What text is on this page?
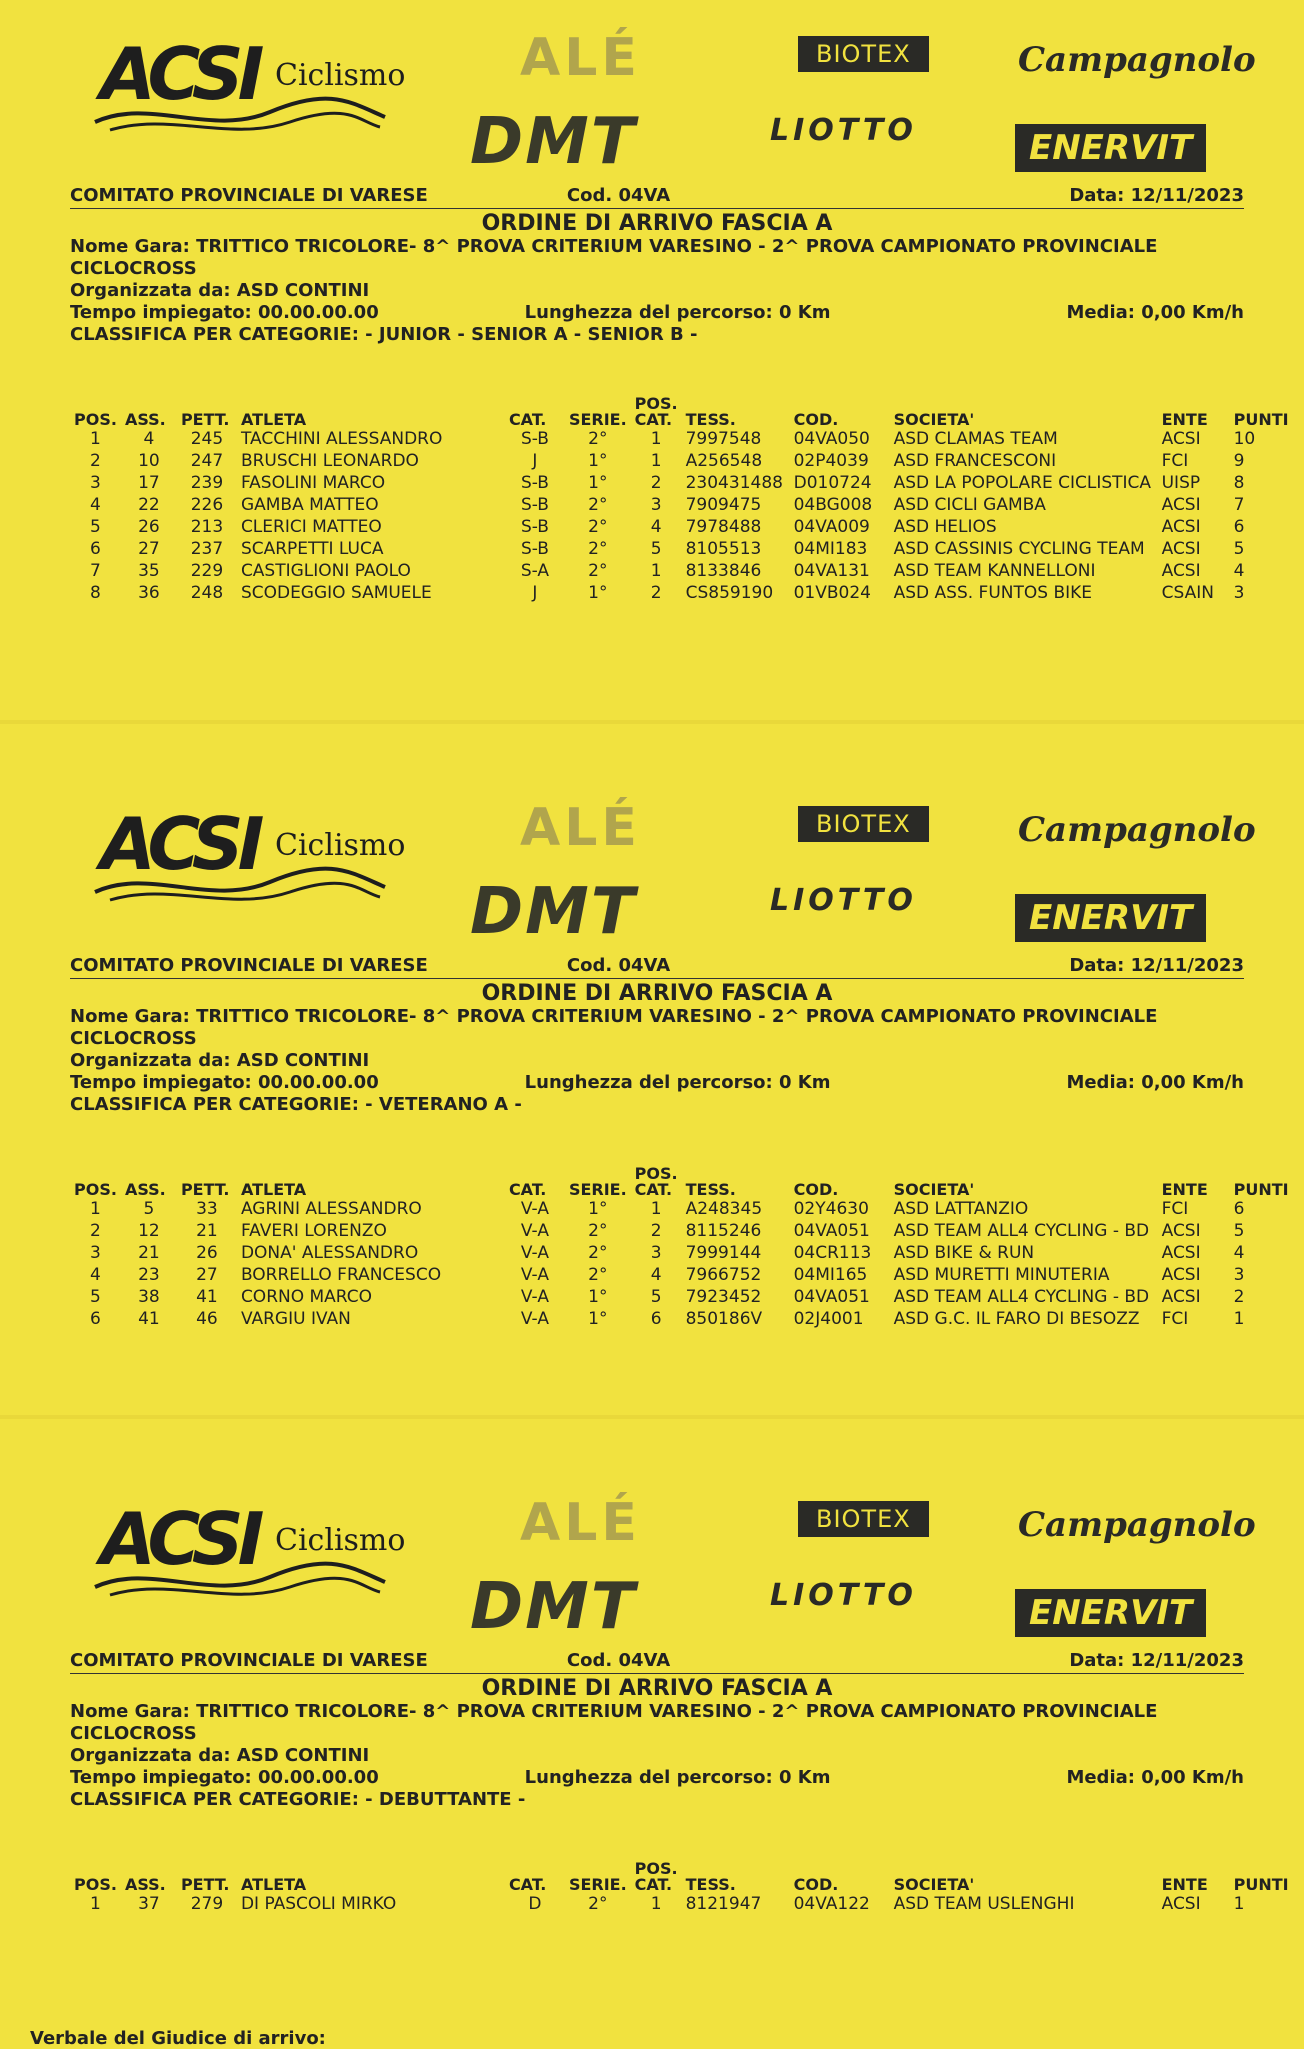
ACSI Ciclismo ALÉ
DMT
BIOTEX	Campagnolo
LIOTTO	ENERVIT
COMITATO PROVINCIALE DI VARESE	Cod. 04VA	Data: 12/11/2023
ORDINE DI ARRIVO FASCIA A
Nome Gara: TRITTICO TRICOLORE- 8^ PROVA CRITERIUM VARESINO - 2^ PROVA CAMPIONATO PROVINCIALE
CICLOCROSS
Organizzata da: ASD CONTINI
Tempo impiegato: 00.00.00.00	Lunghezza del percorso: 0 Km	Media: 0,00 Km/h
CLASSIFICA PER CATEGORIE: - JUNIOR - SENIOR A - SENIOR B -
POS.	ASS.	PETT.	ATLETA	CAT.	SERIE.	POS. CAT.	TESS.	COD.	SOCIETA'	ENTE	PUNTI
1	4	245	TACCHINI ALESSANDRO	S-B	2°	1	7997548	04VA050	ASD CLAMAS TEAM	ACSI	10
2	10	247	BRUSCHI LEONARDO	J	1°	1	A256548	02P4039	ASD FRANCESCONI	FCI	9
3	17	239	FASOLINI MARCO	S-B	1°	2	230431488	D010724	ASD LA POPOLARE CICLISTICA	UISP	8
4	22	226	GAMBA MATTEO	S-B	2°	3	7909475	04BG008	ASD CICLI GAMBA	ACSI	7
5	26	213	CLERICI MATTEO	S-B	2°	4	7978488	04VA009	ASD HELIOS	ACSI	6
6	27	237	SCARPETTI LUCA	S-B	2°	5	8105513	04MI183	ASD CASSINIS CYCLING TEAM	ACSI	5
7	35	229	CASTIGLIONI PAOLO	S-A	2°	1	8133846	04VA131	ASD TEAM KANNELLONI	ACSI	4
8	36	248	SCODEGGIO SAMUELE	J	1°	2	CS859190	01VB024	ASD ASS. FUNTOS BIKE	CSAIN	3
ACSI Ciclismo ALÉ
DMT
BIOTEX	Campagnolo
LIOTTO	ENERVIT
COMITATO PROVINCIALE DI VARESE	Cod. 04VA	Data: 12/11/2023
ORDINE DI ARRIVO FASCIA A
Nome Gara: TRITTICO TRICOLORE- 8^ PROVA CRITERIUM VARESINO - 2^ PROVA CAMPIONATO PROVINCIALE
CICLOCROSS
Organizzata da: ASD CONTINI
Tempo impiegato: 00.00.00.00	Lunghezza del percorso: 0 Km	Media: 0,00 Km/h
CLASSIFICA PER CATEGORIE: - VETERANO A -
POS.	ASS.	PETT.	ATLETA	CAT.	SERIE.	POS. CAT.	TESS.	COD.	SOCIETA'	ENTE	PUNTI
1	5	33	AGRINI ALESSANDRO	V-A	1°	1	A248345	02Y4630	ASD LATTANZIO	FCI	6
2	12	21	FAVERI LORENZO	V-A	2°	2	8115246	04VA051	ASD TEAM ALL4 CYCLING - BD	ACSI	5
3	21	26	DONA' ALESSANDRO	V-A	2°	3	7999144	04CR113	ASD BIKE & RUN	ACSI	4
4	23	27	BORRELLO FRANCESCO	V-A	2°	4	7966752	04MI165	ASD MURETTI MINUTERIA	ACSI	3
5	38	41	CORNO MARCO	V-A	1°	5	7923452	04VA051	ASD TEAM ALL4 CYCLING - BD	ACSI	2
6	41	46	VARGIU IVAN	V-A	1°	6	850186V	02J4001	ASD G.C. IL FARO DI BESOZZ	FCI	1
ACSI Ciclismo ALÉ
DMT
BIOTEX	Campagnolo
LIOTTO	ENERVIT
COMITATO PROVINCIALE DI VARESE	Cod. 04VA	Data: 12/11/2023
ORDINE DI ARRIVO FASCIA A
Nome Gara: TRITTICO TRICOLORE- 8^ PROVA CRITERIUM VARESINO - 2^ PROVA CAMPIONATO PROVINCIALE
CICLOCROSS
Organizzata da: ASD CONTINI
Tempo impiegato: 00.00.00.00	Lunghezza del percorso: 0 Km	Media: 0,00 Km/h
CLASSIFICA PER CATEGORIE: - DEBUTTANTE -
POS.	ASS.	PETT.	ATLETA	CAT.	SERIE.	POS. CAT.	TESS.	COD.	SOCIETA'	ENTE	PUNTI
1	37	279	DI PASCOLI MIRKO	D	2°	1	8121947	04VA122	ASD TEAM USLENGHI	ACSI	1
Verbale del Giudice di arrivo:
